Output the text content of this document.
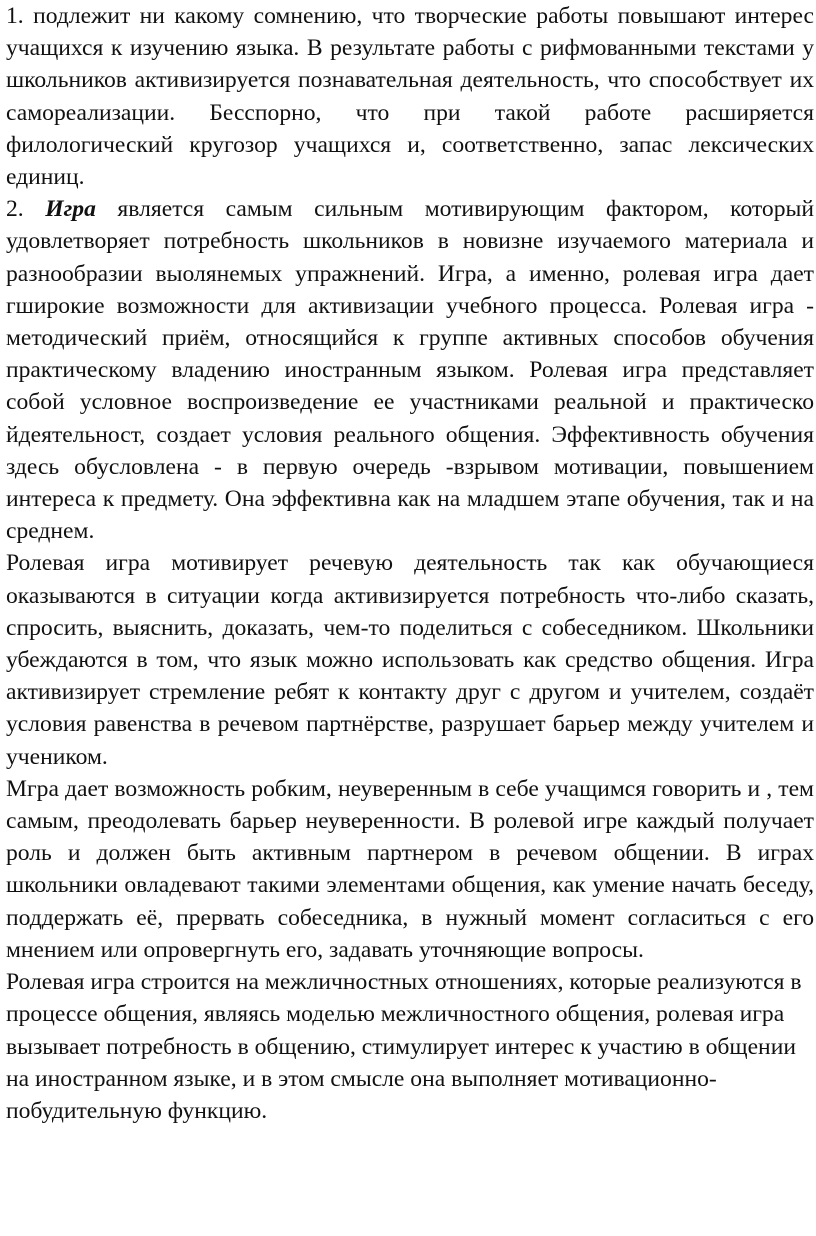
1. подлежит ни какому сомнению, что творческие работы повышают интерес учащихся к изучению языка. В результате работы с рифмованными текстами у школьников активизируется познавательная деятельность, что способствует их самореализации. Бесспорно, что при такой работе расширяется филологический кругозор учащихся и, соответственно, запас лексических единиц.

2. Игра является самым сильным мотивирующим фактором, который удовлетворяет потребность школьников в новизне изучаемого материала и разнообразии выолянемых упражнений. Игра, а именно, ролевая игра дает гширокие возможности для активизации учебного процесса. Ролевая игра - методический приём, относящийся к группе активных способов обучения практическому владению иностранным языком. Ролевая игра представляет собой условное воспроизведение ее участниками реальной и практическо йдеятельност, создает условия реального общения. Эффективность обучения здесь обусловлена - в первую очередь -взрывом мотивации, повышением интереса к предмету. Она эффективна как на младшем этапе обучения, так и на среднем.

Ролевая игра мотивирует речевую деятельность так как обучающиеся оказываются в ситуации когда активизируется потребность что-либо сказать, спросить, выяснить, доказать, чем-то поделиться с собеседником. Школьники убеждаются в том, что язык можно использовать как средство общения. Игра активизирует стремление ребят к контакту друг с другом и учителем, создаёт условия равенства в речевом партнёрстве, разрушает барьер между учителем и учеником.

Мгра дает возможность робким, неуверенным в себе учащимся говорить и , тем самым, преодолевать барьер неуверенности. В ролевой игре каждый получает роль и должен быть активным партнером в речевом общении. В играх школьники овладевают такими элементами общения, как умение начать беседу, поддержать её, прервать собеседника, в нужный момент согласиться с его мнением или опровергнуть его, задавать уточняющие вопросы.

Ролевая игра строится на межличностных отношениях, которые реализуются в процессе общения, являясь моделью межличностного общения, ролевая игра вызывает потребность в общению, стимулирует интерес к участию в общении на иностранном языке, и в этом смысле она выполняет мотивационно-побудительную функцию.
